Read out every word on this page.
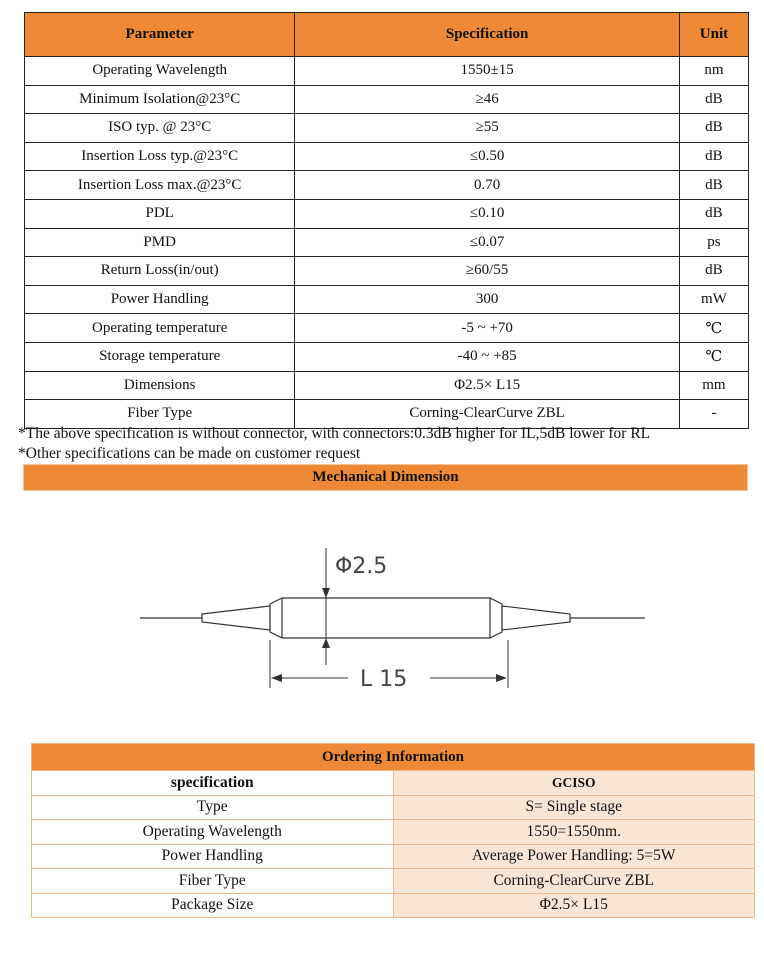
Parameter	Specification	Unit
Operating Wavelength	1550±15	nm
Minimum Isolation@23°C	≥46	dB
ISO typ. @ 23°C	≥55	dB
Insertion Loss typ.@23°C	≤0.50	dB
Insertion Loss max.@23°C	0.70	dB
PDL	≤0.10	dB
PMD	≤0.07	ps
Return Loss(in/out)	≥60/55	dB
Power Handling	300	mW
Operating temperature	-5 ~ +70	℃
Storage temperature	-40 ~ +85	℃
Dimensions	Φ2.5× L15	mm
Fiber Type	Corning-ClearCurve ZBL	-
*The above specification is without connector, with connectors:0.3dB higher for IL,5dB lower for RL
*Other specifications can be made on customer request
Mechanical Dimension
Φ2.5
L 15
Ordering Information	
specification	GCISO
Type	S= Single stage
Operating Wavelength	1550=1550nm.
Power Handling	Average Power Handling: 5=5W
Fiber Type	Corning-ClearCurve ZBL
Package Size	Φ2.5× L15
